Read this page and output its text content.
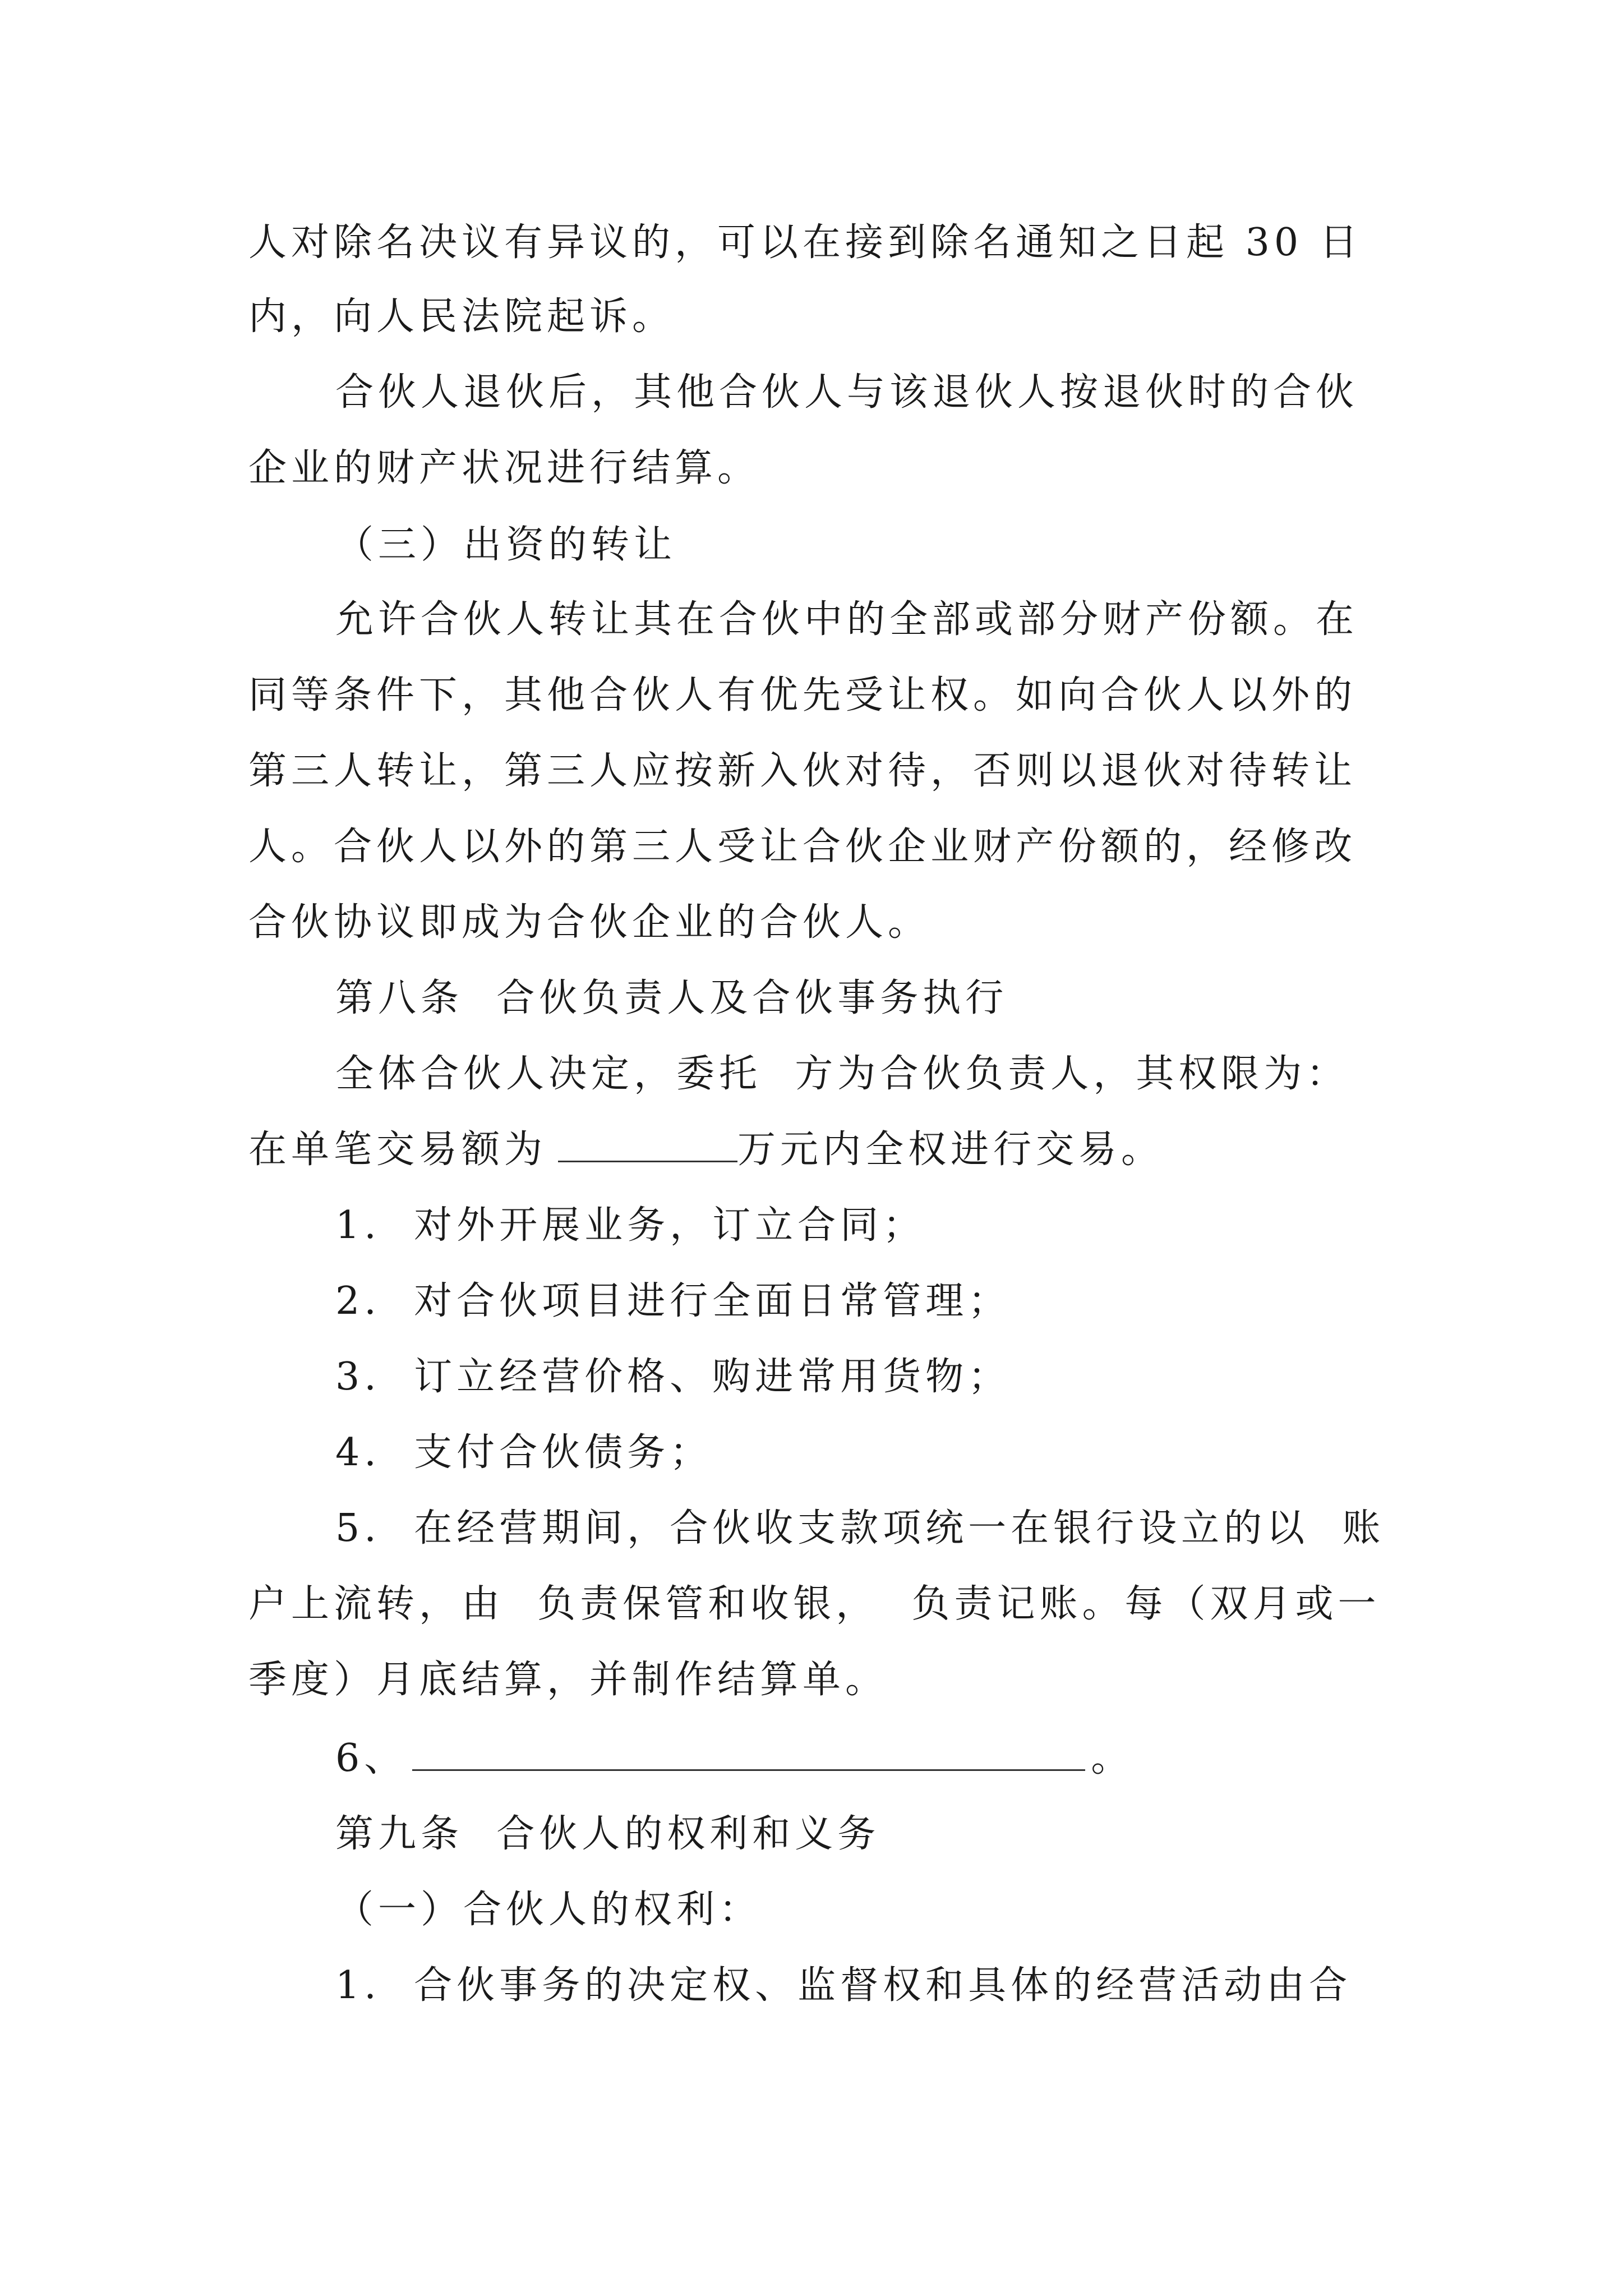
人对除名决议有异议的，可以在接到除名通知之日起 30 日
内，向人民法院起诉。
合伙人退伙后，其他合伙人与该退伙人按退伙时的合伙
企业的财产状况进行结算。
（三）出资的转让
允许合伙人转让其在合伙中的全部或部分财产份额。在
同等条件下，其他合伙人有优先受让权。如向合伙人以外的
第三人转让，第三人应按新入伙对待，否则以退伙对待转让
人。合伙人以外的第三人受让合伙企业财产份额的，经修改
合伙协议即成为合伙企业的合伙人。
第八条  合伙负责人及合伙事务执行
全体合伙人决定，委托  方为合伙负责人，其权限为：
在单笔交易额为	万元内全权进行交易。
1.  对外开展业务，订立合同；
2.  对合伙项目进行全面日常管理；
3.  订立经营价格、购进常用货物；
4.  支付合伙债务；
5.  在经营期间，合伙收支款项统一在银行设立的以  账
户上流转，由  负责保管和收银，  负责记账。每（双月或一
季度）月底结算，并制作结算单。
6、	。
第九条  合伙人的权利和义务
（一）合伙人的权利：
1.  合伙事务的决定权、监督权和具体的经营活动由合
